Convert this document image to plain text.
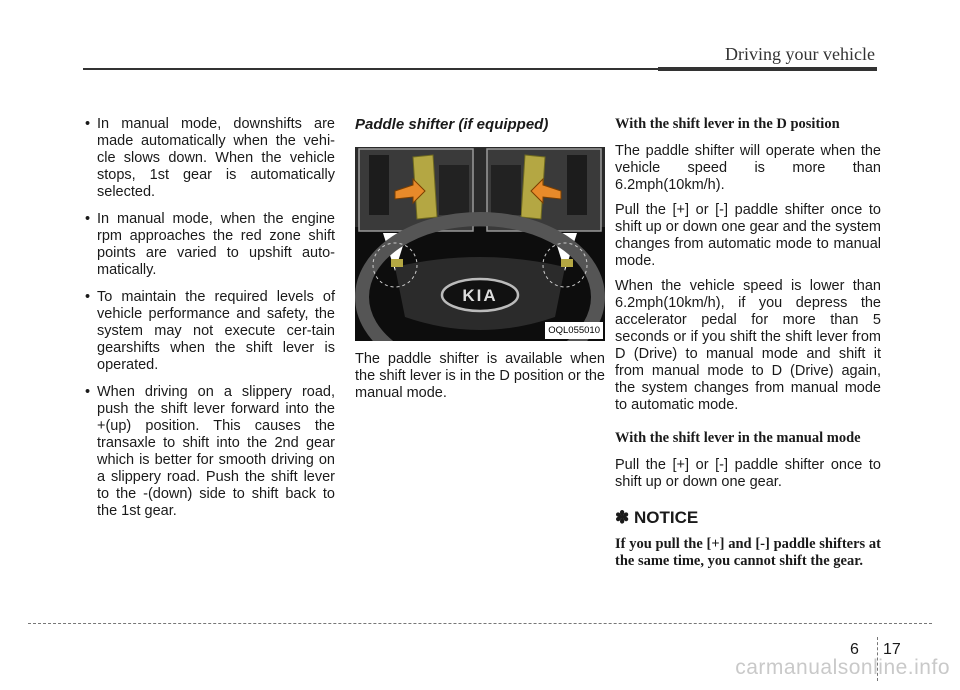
Driving your vehicle
• In manual mode, downshifts are made automatically when the vehi-cle slows down. When the vehicle stops, 1st gear is automatically selected.
• In manual mode, when the engine rpm approaches the red zone shift points are varied to upshift auto-matically.
• To maintain the required levels of vehicle performance and safety, the system may not execute cer-tain gearshifts when the shift lever is operated.
• When driving on a slippery road, push the shift lever forward into the +(up) position. This causes the transaxle to shift into the 2nd gear which is better for smooth driving on a slippery road. Push the shift lever to the -(down) side to shift back to the 1st gear.
Paddle shifter (if equipped)
KIA
OQL055010

The paddle shifter is available when the shift lever is in the D position or the manual mode.

With the shift lever in the D position

The paddle shifter will operate when the vehicle speed is more than 6.2mph(10km/h).

Pull the [+] or [-] paddle shifter once to shift up or down one gear and the system changes from automatic mode to manual mode.

When the vehicle speed is lower than 6.2mph(10km/h), if you depress the accelerator pedal for more than 5 seconds or if you shift the shift lever from D (Drive) to manual mode and shift it from manual mode to D (Drive) again, the system changes from manual mode to automatic mode.

With the shift lever in the manual mode

Pull the [+] or [-] paddle shifter once to shift up or down one gear.

✽ NOTICE

If you pull the [+] and [-] paddle shifters at the same time, you cannot shift the gear.

6 17
carmanualsonline.info
